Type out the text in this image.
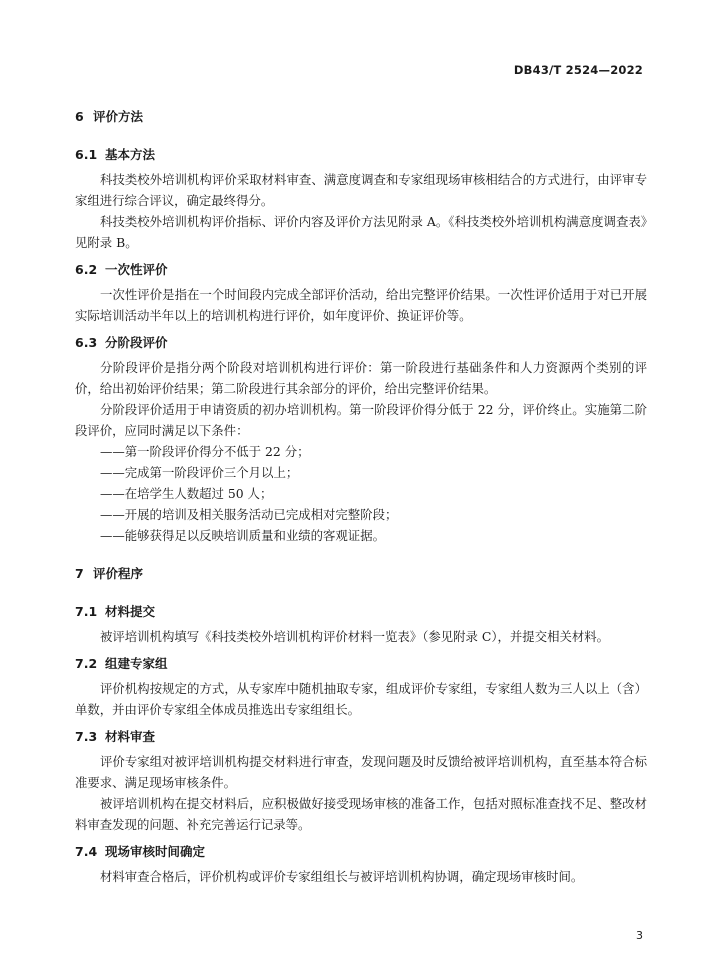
DB43/T 2524—2022
6 评价方法
6.1 基本方法

科技类校外培训机构评价采取材料审查、满意度调查和专家组现场审核相结合的方式进行，由评审专家组进行综合评议，确定最终得分。

科技类校外培训机构评价指标、评价内容及评价方法见附录 A。《科技类校外培训机构满意度调查表》见附录 B。

6.2 一次性评价

一次性评价是指在一个时间段内完成全部评价活动，给出完整评价结果。一次性评价适用于对已开展实际培训活动半年以上的培训机构进行评价，如年度评价、换证评价等。

6.3 分阶段评价

分阶段评价是指分两个阶段对培训机构进行评价：第一阶段进行基础条件和人力资源两个类别的评价，给出初始评价结果；第二阶段进行其余部分的评价，给出完整评价结果。

分阶段评价适用于申请资质的初办培训机构。第一阶段评价得分低于 22 分，评价终止。实施第二阶段评价，应同时满足以下条件：

——第一阶段评价得分不低于 22 分；

——完成第一阶段评价三个月以上；

——在培学生人数超过 50 人；

——开展的培训及相关服务活动已完成相对完整阶段；

——能够获得足以反映培训质量和业绩的客观证据。

7 评价程序
7.1 材料提交

被评培训机构填写《科技类校外培训机构评价材料一览表》（参见附录 C），并提交相关材料。

7.2 组建专家组

评价机构按规定的方式，从专家库中随机抽取专家，组成评价专家组，专家组人数为三人以上（含）单数，并由评价专家组全体成员推选出专家组组长。

7.3 材料审查

评价专家组对被评培训机构提交材料进行审查，发现问题及时反馈给被评培训机构，直至基本符合标准要求、满足现场审核条件。

被评培训机构在提交材料后，应积极做好接受现场审核的准备工作，包括对照标准查找不足、整改材料审查发现的问题、补充完善运行记录等。

7.4 现场审核时间确定

材料审查合格后，评价机构或评价专家组组长与被评培训机构协调，确定现场审核时间。

3
